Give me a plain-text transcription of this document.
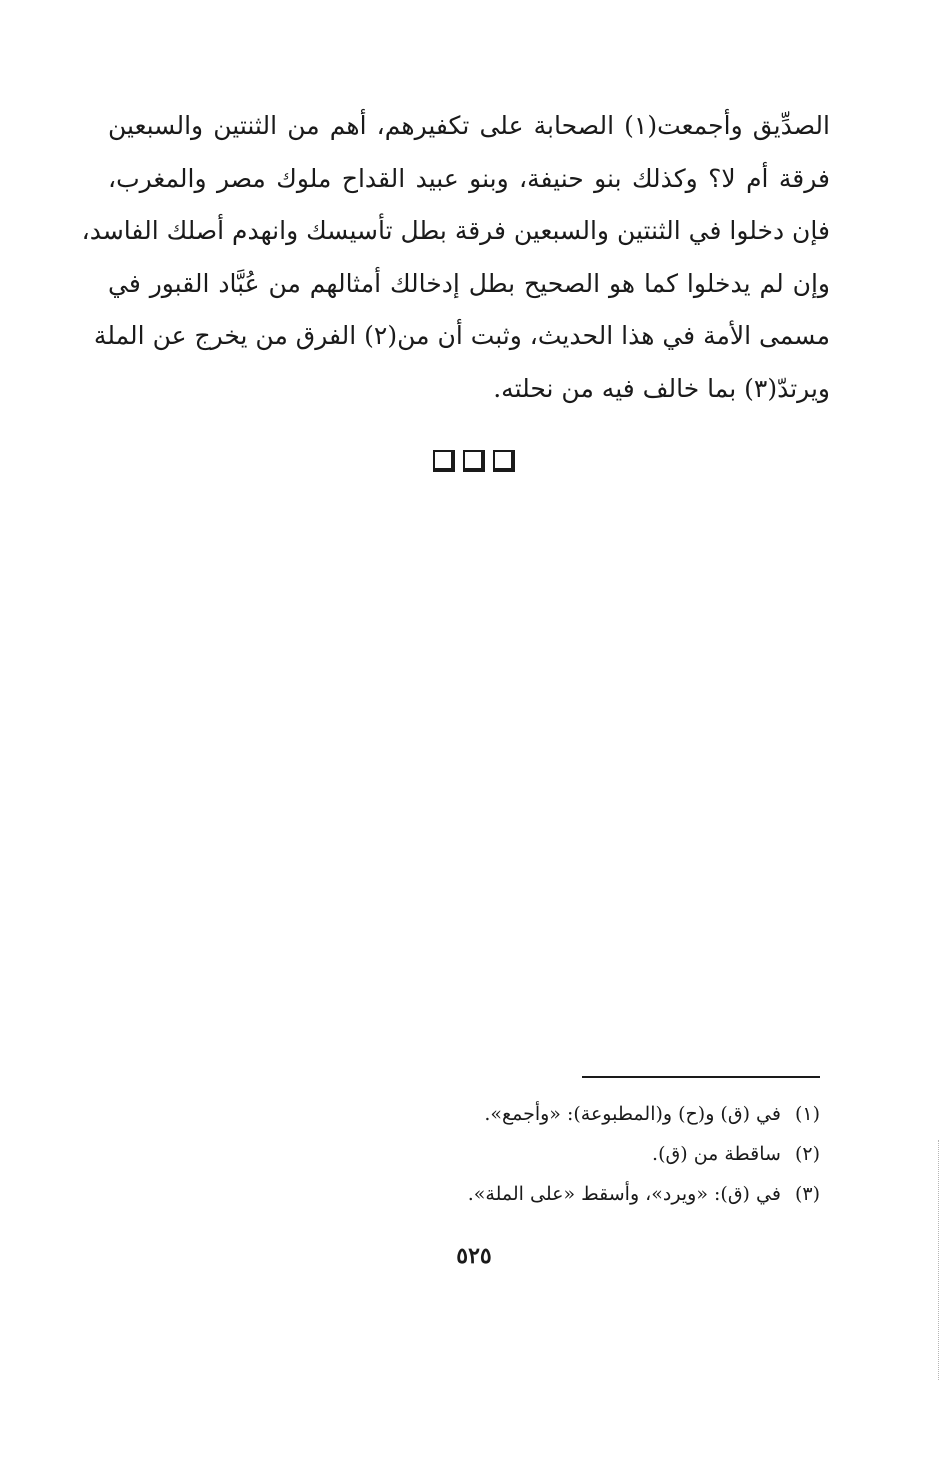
الصدِّيق وأجمعت(١) الصحابة على تكفيرهم، أهم من الثنتين والسبعين
فرقة أم لا؟ وكذلك بنو حنيفة، وبنو عبيد القداح ملوك مصر والمغرب،
فإن دخلوا في الثنتين والسبعين فرقة بطل تأسيسك وانهدم أصلك الفاسد،
وإن لم يدخلوا كما هو الصحيح بطل إدخالك أمثالهم من عُبَّاد القبور في
مسمى الأمة في هذا الحديث، وثبت أن من(٢) الفرق من يخرج عن الملة
ويرتدّ(٣) بما خالف فيه من نحلته.
(١)في (ق) و(ح) و(المطبوعة): «وأجمع».
(٢)ساقطة من (ق).
(٣)في (ق): «ويرد»، وأسقط «على الملة».
٥٢٥
